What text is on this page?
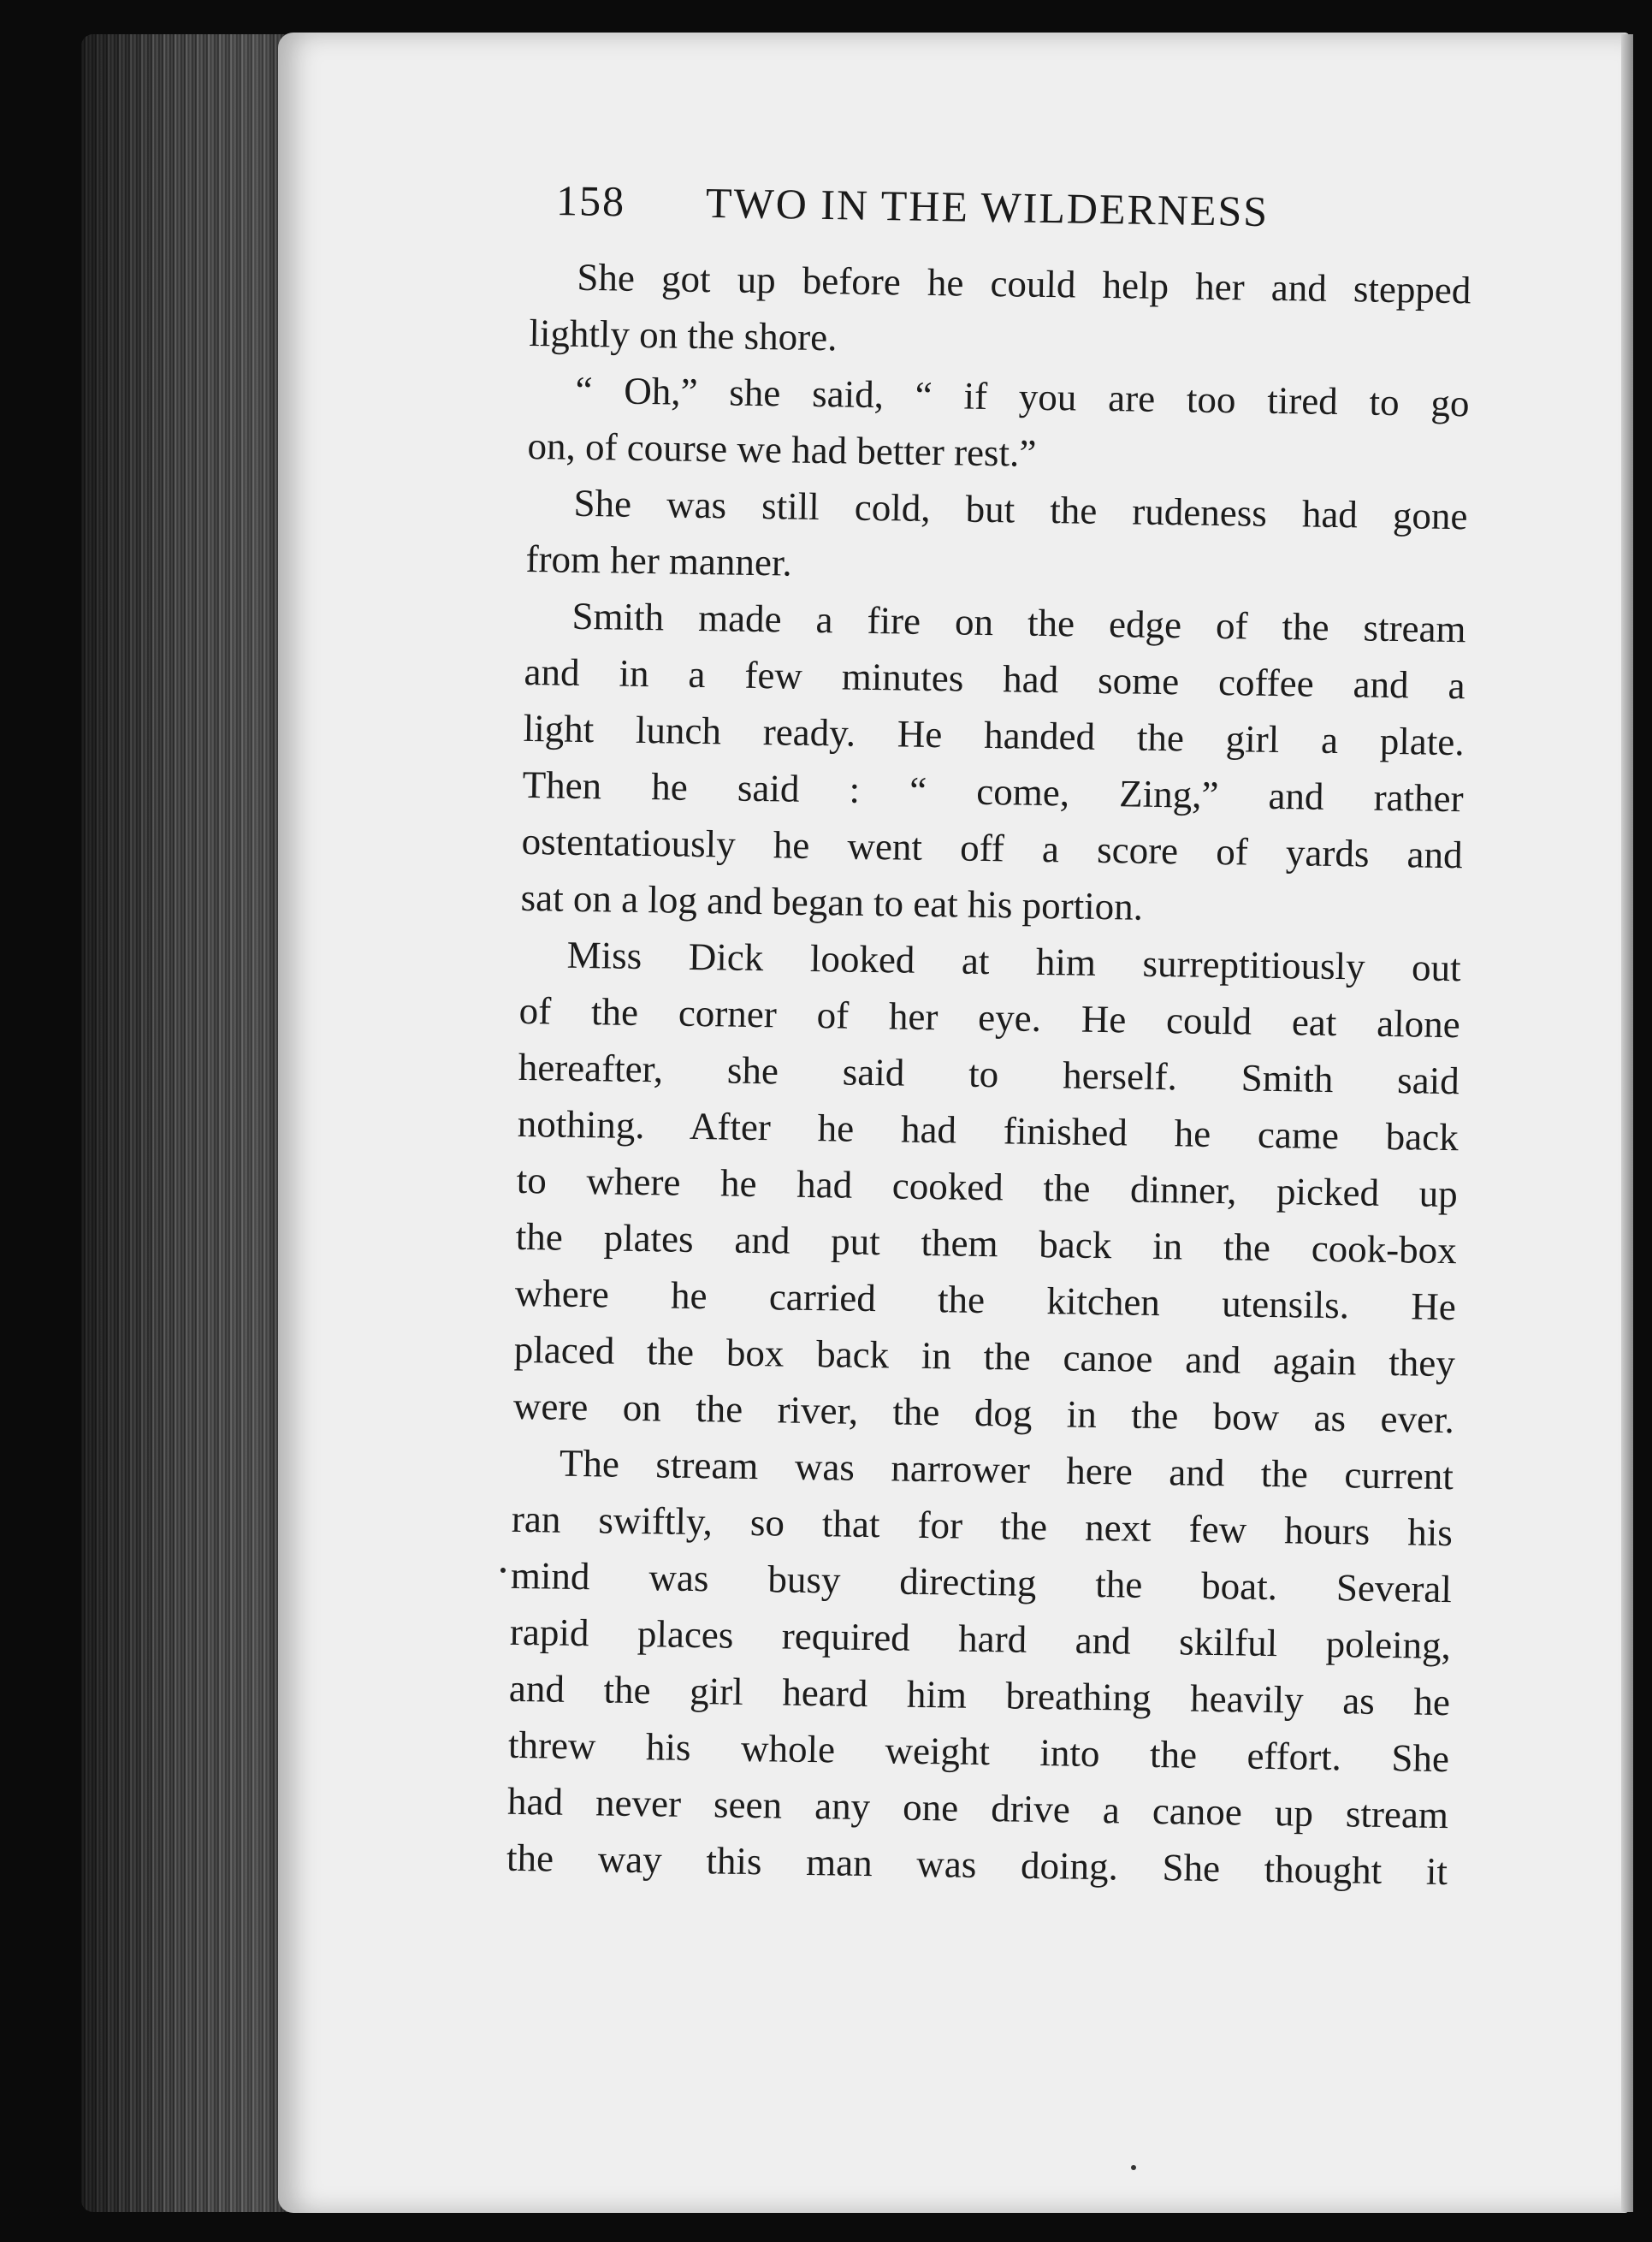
158 TWO IN THE WILDERNESS
She got up before he could help her and stepped
lightly on the shore.
“ Oh,” she said, “ if you are too tired to go
on, of course we had better rest.”
She was still cold, but the rudeness had gone
from her manner.
Smith made a fire on the edge of the stream
and in a few minutes had some coffee and a
light lunch ready. He handed the girl a plate.
Then he said : “ come, Zing,” and rather
ostentatiously he went off a score of yards and
sat on a log and began to eat his portion.
Miss Dick looked at him surreptitiously out
of the corner of her eye. He could eat alone
hereafter, she said to herself. Smith said
nothing. After he had finished he came back
to where he had cooked the dinner, picked up
the plates and put them back in the cook-box
where he carried the kitchen utensils. He
placed the box back in the canoe and again they
were on the river, the dog in the bow as ever.
The stream was narrower here and the current
ran swiftly, so that for the next few hours his
mind was busy directing the boat. Several
rapid places required hard and skilful poleing,
and the girl heard him breathing heavily as he
threw his whole weight into the effort. She
had never seen any one drive a canoe up stream
the way this man was doing. She thought it
